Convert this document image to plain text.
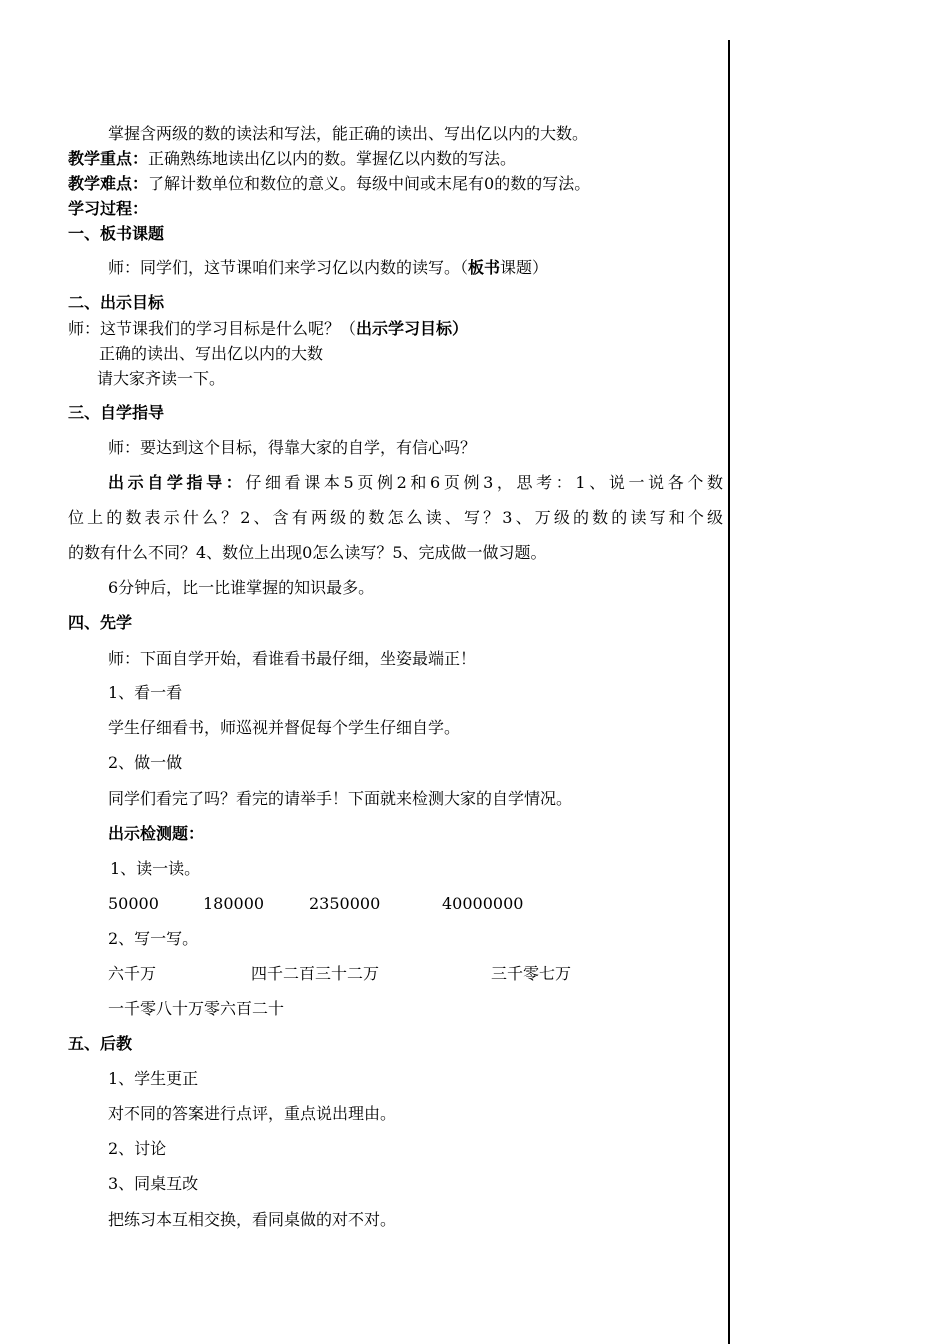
掌握含两级的数的读法和写法，能正确的读出、写出亿以内的大数。
教学重点：正确熟练地读出亿以内的数。掌握亿以内数的写法。
教学难点：了解计数单位和数位的意义。每级中间或末尾有0的数的写法。
学习过程：
一、板书课题
师：同学们，这节课咱们来学习亿以内数的读写。（板书课题）
二、出示目标
师：这节课我们的学习目标是什么呢？（出示学习目标）
正确的读出、写出亿以内的大数
请大家齐读一下。
三、自学指导
师：要达到这个目标，得靠大家的自学，有信心吗？
出示自学指导：仔细看课本5页例2和6页例3，思考：1、说一说各个数
位上的数表示什么？2、含有两级的数怎么读、写？3、万级的数的读写和个级
的数有什么不同？4、数位上出现0怎么读写？5、完成做一做习题。
6分钟后，比一比谁掌握的知识最多。
四、先学
师：下面自学开始，看谁看书最仔细，坐姿最端正！
1、看一看
学生仔细看书，师巡视并督促每个学生仔细自学。
2、做一做
同学们看完了吗？看完的请举手！下面就来检测大家的自学情况。
出示检测题：
1、读一读。
50000	180000	2350000	40000000
2、写一写。
六千万	四千二百三十二万	三千零七万
一千零八十万零六百二十
五、后教
1、学生更正
对不同的答案进行点评，重点说出理由。
2、讨论
3、同桌互改
把练习本互相交换，看同桌做的对不对。
